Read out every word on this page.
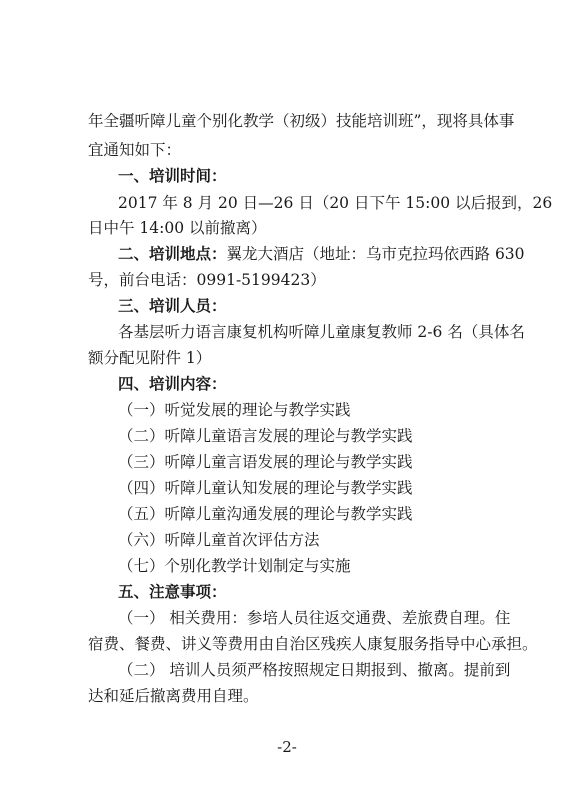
年全疆听障儿童个别化教学（初级）技能培训班”，现将具体事
宜通知如下：
一、培训时间：
2017 年 8 月 20 日—26 日（20 日下午 15:00 以后报到，26
日中午 14:00 以前撤离）
二、培训地点：翼龙大酒店（地址：乌市克拉玛依西路 630
号，前台电话：0991-5199423）
三、培训人员：
各基层听力语言康复机构听障儿童康复教师 2-6 名（具体名
额分配见附件 1）
四、培训内容：
（一）听觉发展的理论与教学实践
（二）听障儿童语言发展的理论与教学实践
（三）听障儿童言语发展的理论与教学实践
（四）听障儿童认知发展的理论与教学实践
（五）听障儿童沟通发展的理论与教学实践
（六）听障儿童首次评估方法
（七）个别化教学计划制定与实施
五、注意事项：
（一） 相关费用：参培人员往返交通费、差旅费自理。住
宿费、餐费、讲义等费用由自治区残疾人康复服务指导中心承担。
（二） 培训人员须严格按照规定日期报到、撤离。提前到
达和延后撤离费用自理。
-2-
